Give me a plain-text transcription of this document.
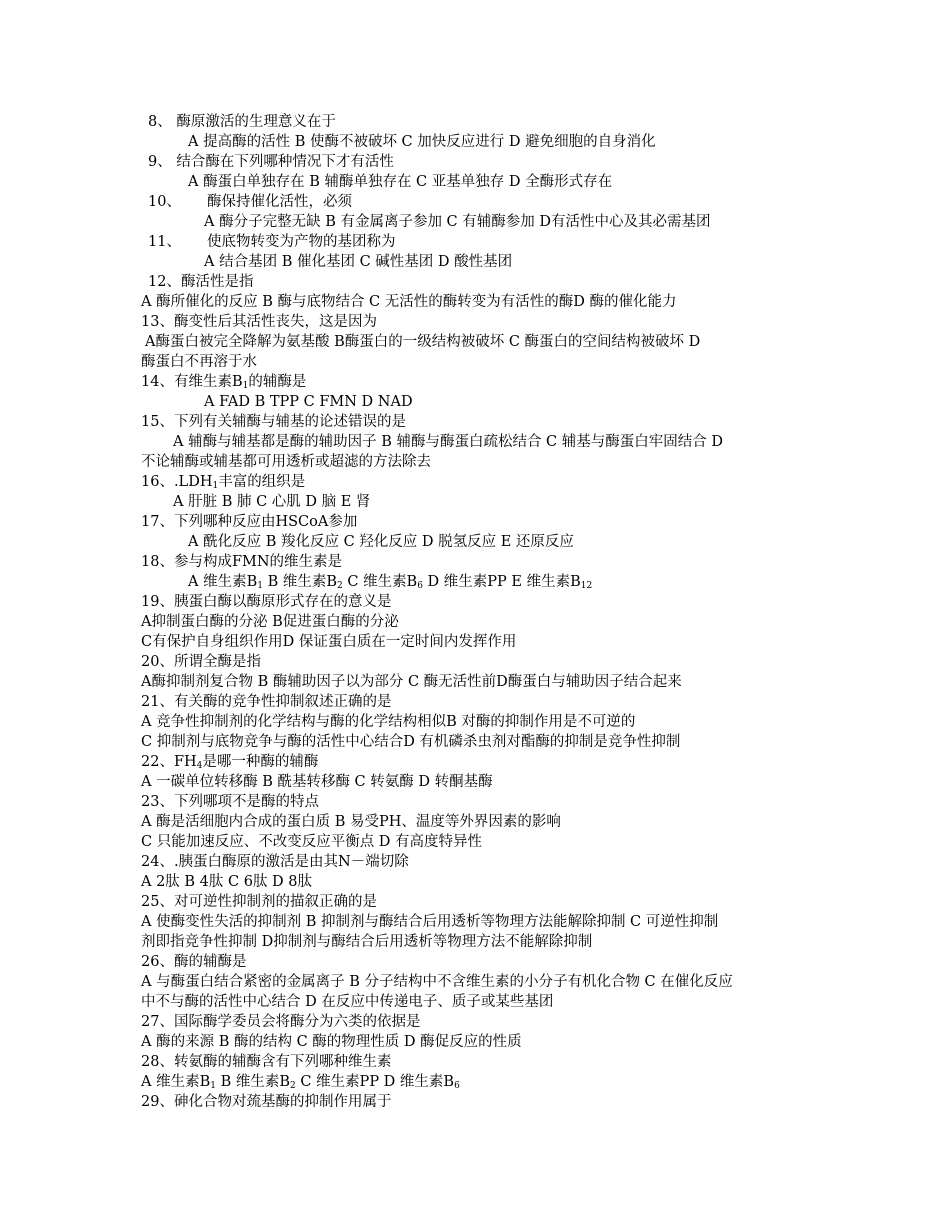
8、 酶原激活的生理意义在于
A 提高酶的活性 B 使酶不被破坏 C 加快反应进行 D 避免细胞的自身消化
9、 结合酶在下列哪种情况下才有活性
A 酶蛋白单独存在 B 辅酶单独存在 C 亚基单独存 D 全酶形式存在
10、 酶保持催化活性，必须
A 酶分子完整无缺 B 有金属离子参加 C 有辅酶参加 D有活性中心及其必需基团
11、 使底物转变为产物的基团称为
A 结合基团 B 催化基团 C 碱性基团 D 酸性基团
12、酶活性是指
A 酶所催化的反应 B 酶与底物结合 C 无活性的酶转变为有活性的酶D 酶的催化能力
13、酶变性后其活性丧失，这是因为
A酶蛋白被完全降解为氨基酸 B酶蛋白的一级结构被破坏 C 酶蛋白的空间结构被破坏 D
酶蛋白不再溶于水
14、有维生素$B_1$的辅酶是
A FAD B TPP C FMN D NAD
15、下列有关辅酶与辅基的论述错误的是
A 辅酶与辅基都是酶的辅助因子 B 辅酶与酶蛋白疏松结合 C 辅基与酶蛋白牢固结合 D
不论辅酶或辅基都可用透析或超滤的方法除去
16、$.LDH_1$丰富的组织是
A 肝脏 B 肺 C 心肌 D 脑 E 肾
17、下列哪种反应由HSCoA参加
A 酰化反应 B 羧化反应 C 羟化反应 D 脱氢反应 E 还原反应
18、参与构成FMN的维生素是
A 维生素$B_1$ B 维生素$B_2$ C 维生素$B_6$ D 维生素PP E 维生素$B_{12}$
19、胰蛋白酶以酶原形式存在的意义是
A抑制蛋白酶的分泌 B促进蛋白酶的分泌
C有保护自身组织作用D 保证蛋白质在一定时间内发挥作用
20、所谓全酶是指
A酶抑制剂复合物 B 酶辅助因子以为部分 C 酶无活性前D酶蛋白与辅助因子结合起来
21、有关酶的竞争性抑制叙述正确的是
A 竞争性抑制剂的化学结构与酶的化学结构相似B 对酶的抑制作用是不可逆的
C 抑制剂与底物竞争与酶的活性中心结合D 有机磷杀虫剂对酯酶的抑制是竞争性抑制
22、$FH_4$是哪一种酶的辅酶
A 一碳单位转移酶 B 酰基转移酶 C 转氨酶 D 转酮基酶
23、下列哪项不是酶的特点
A 酶是活细胞内合成的蛋白质 B 易受PH、温度等外界因素的影响
C 只能加速反应、不改变反应平衡点 D 有高度特异性
24、.胰蛋白酶原的激活是由其N－端切除
A 2肽 B 4肽 C 6肽 D 8肽
25、对可逆性抑制剂的描叙正确的是
A 使酶变性失活的抑制剂 B 抑制剂与酶结合后用透析等物理方法能解除抑制 C 可逆性抑制
剂即指竞争性抑制 D抑制剂与酶结合后用透析等物理方法不能解除抑制
26、酶的辅酶是
A 与酶蛋白结合紧密的金属离子 B 分子结构中不含维生素的小分子有机化合物 C 在催化反应
中不与酶的活性中心结合 D 在反应中传递电子、质子或某些基团
27、国际酶学委员会将酶分为六类的依据是
A 酶的来源 B 酶的结构 C 酶的物理性质 D 酶促反应的性质
28、转氨酶的辅酶含有下列哪种维生素
A 维生素$B_1$ B 维生素$B_2$ C 维生素PP D 维生素$B_6$
29、砷化合物对巯基酶的抑制作用属于
